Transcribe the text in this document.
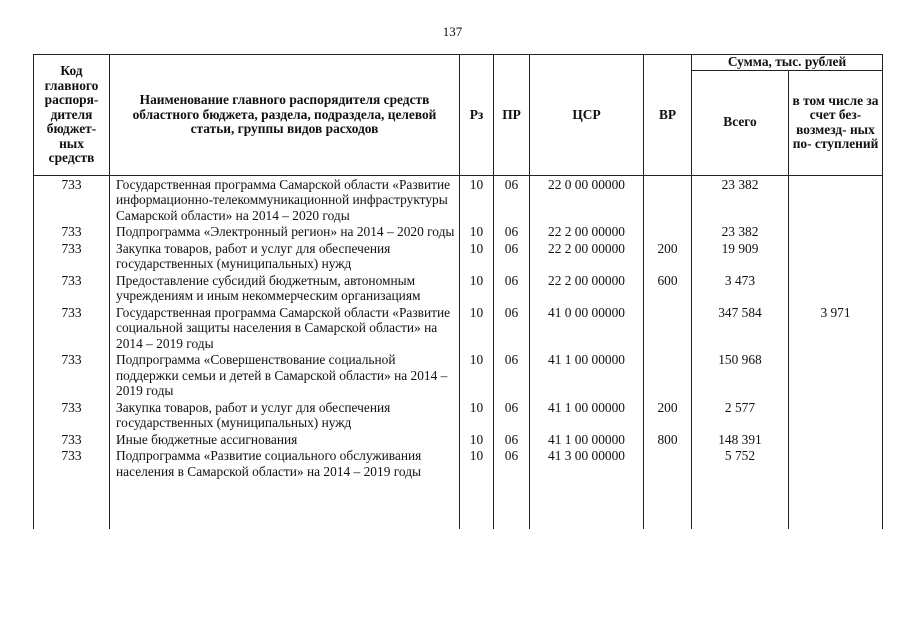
137
Код главного распоря- дителя бюджет- ных средств	Наименование главного распорядителя средств областного бюджета, раздела, подраздела, целевой статьи, группы видов расходов	Рз	ПР	ЦСР	ВР	Сумма, тыс. рублей	
						Всего	в том числе за счет без- возмезд- ных по- ступлений
733	Государственная программа Самарской области «Развитие информационно-телекоммуникационной инфраструктуры Самарской области» на 2014 – 2020 годы	10	06	22 0 00 00000		23 382	
733	Подпрограмма «Электронный регион» на 2014 – 2020 годы	10	06	22 2 00 00000		23 382	
733	Закупка товаров, работ и услуг для обеспечения государственных (муниципальных) нужд	10	06	22 2 00 00000	200	19 909	
733	Предоставление субсидий бюджетным, автономным учреждениям и иным некоммерческим организациям	10	06	22 2 00 00000	600	3 473	
733	Государственная программа Самарской области «Развитие социальной защиты населения в Самарской области» на 2014 – 2019 годы	10	06	41 0 00 00000		347 584	3 971
733	Подпрограмма «Совершенствование социальной поддержки семьи и детей в Самарской области» на 2014 – 2019 годы	10	06	41 1 00 00000		150 968	
733	Закупка товаров, работ и услуг для обеспечения государственных (муниципальных) нужд	10	06	41 1 00 00000	200	2 577	
733	Иные бюджетные ассигнования	10	06	41 1 00 00000	800	148 391	
733	Подпрограмма «Развитие социального обслуживания населения в Самарской области» на 2014 – 2019 годы	10	06	41 3 00 00000		5 752	
